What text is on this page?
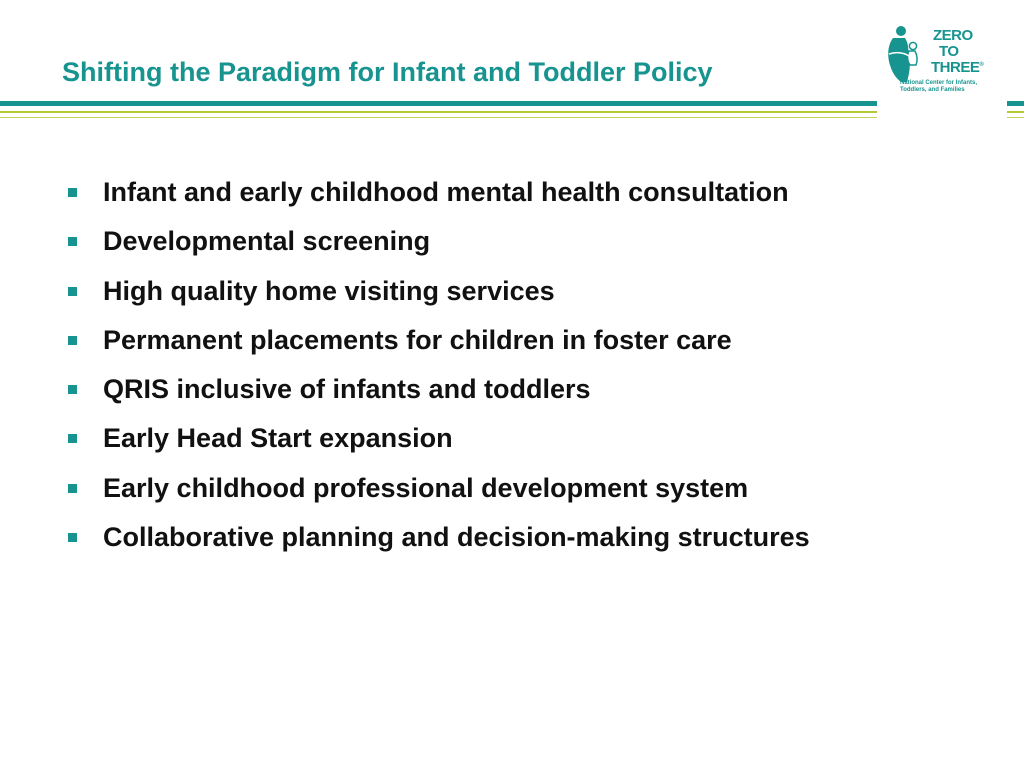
Shifting the Paradigm for Infant and Toddler Policy
ZERO
TO
THREE®
National Center for Infants, Toddlers, and Families
Infant and early childhood mental health consultation
Developmental screening
High quality home visiting services
Permanent placements for children in foster care
QRIS inclusive of infants and toddlers
Early Head Start expansion
Early childhood professional development system
Collaborative planning and decision-making structures
